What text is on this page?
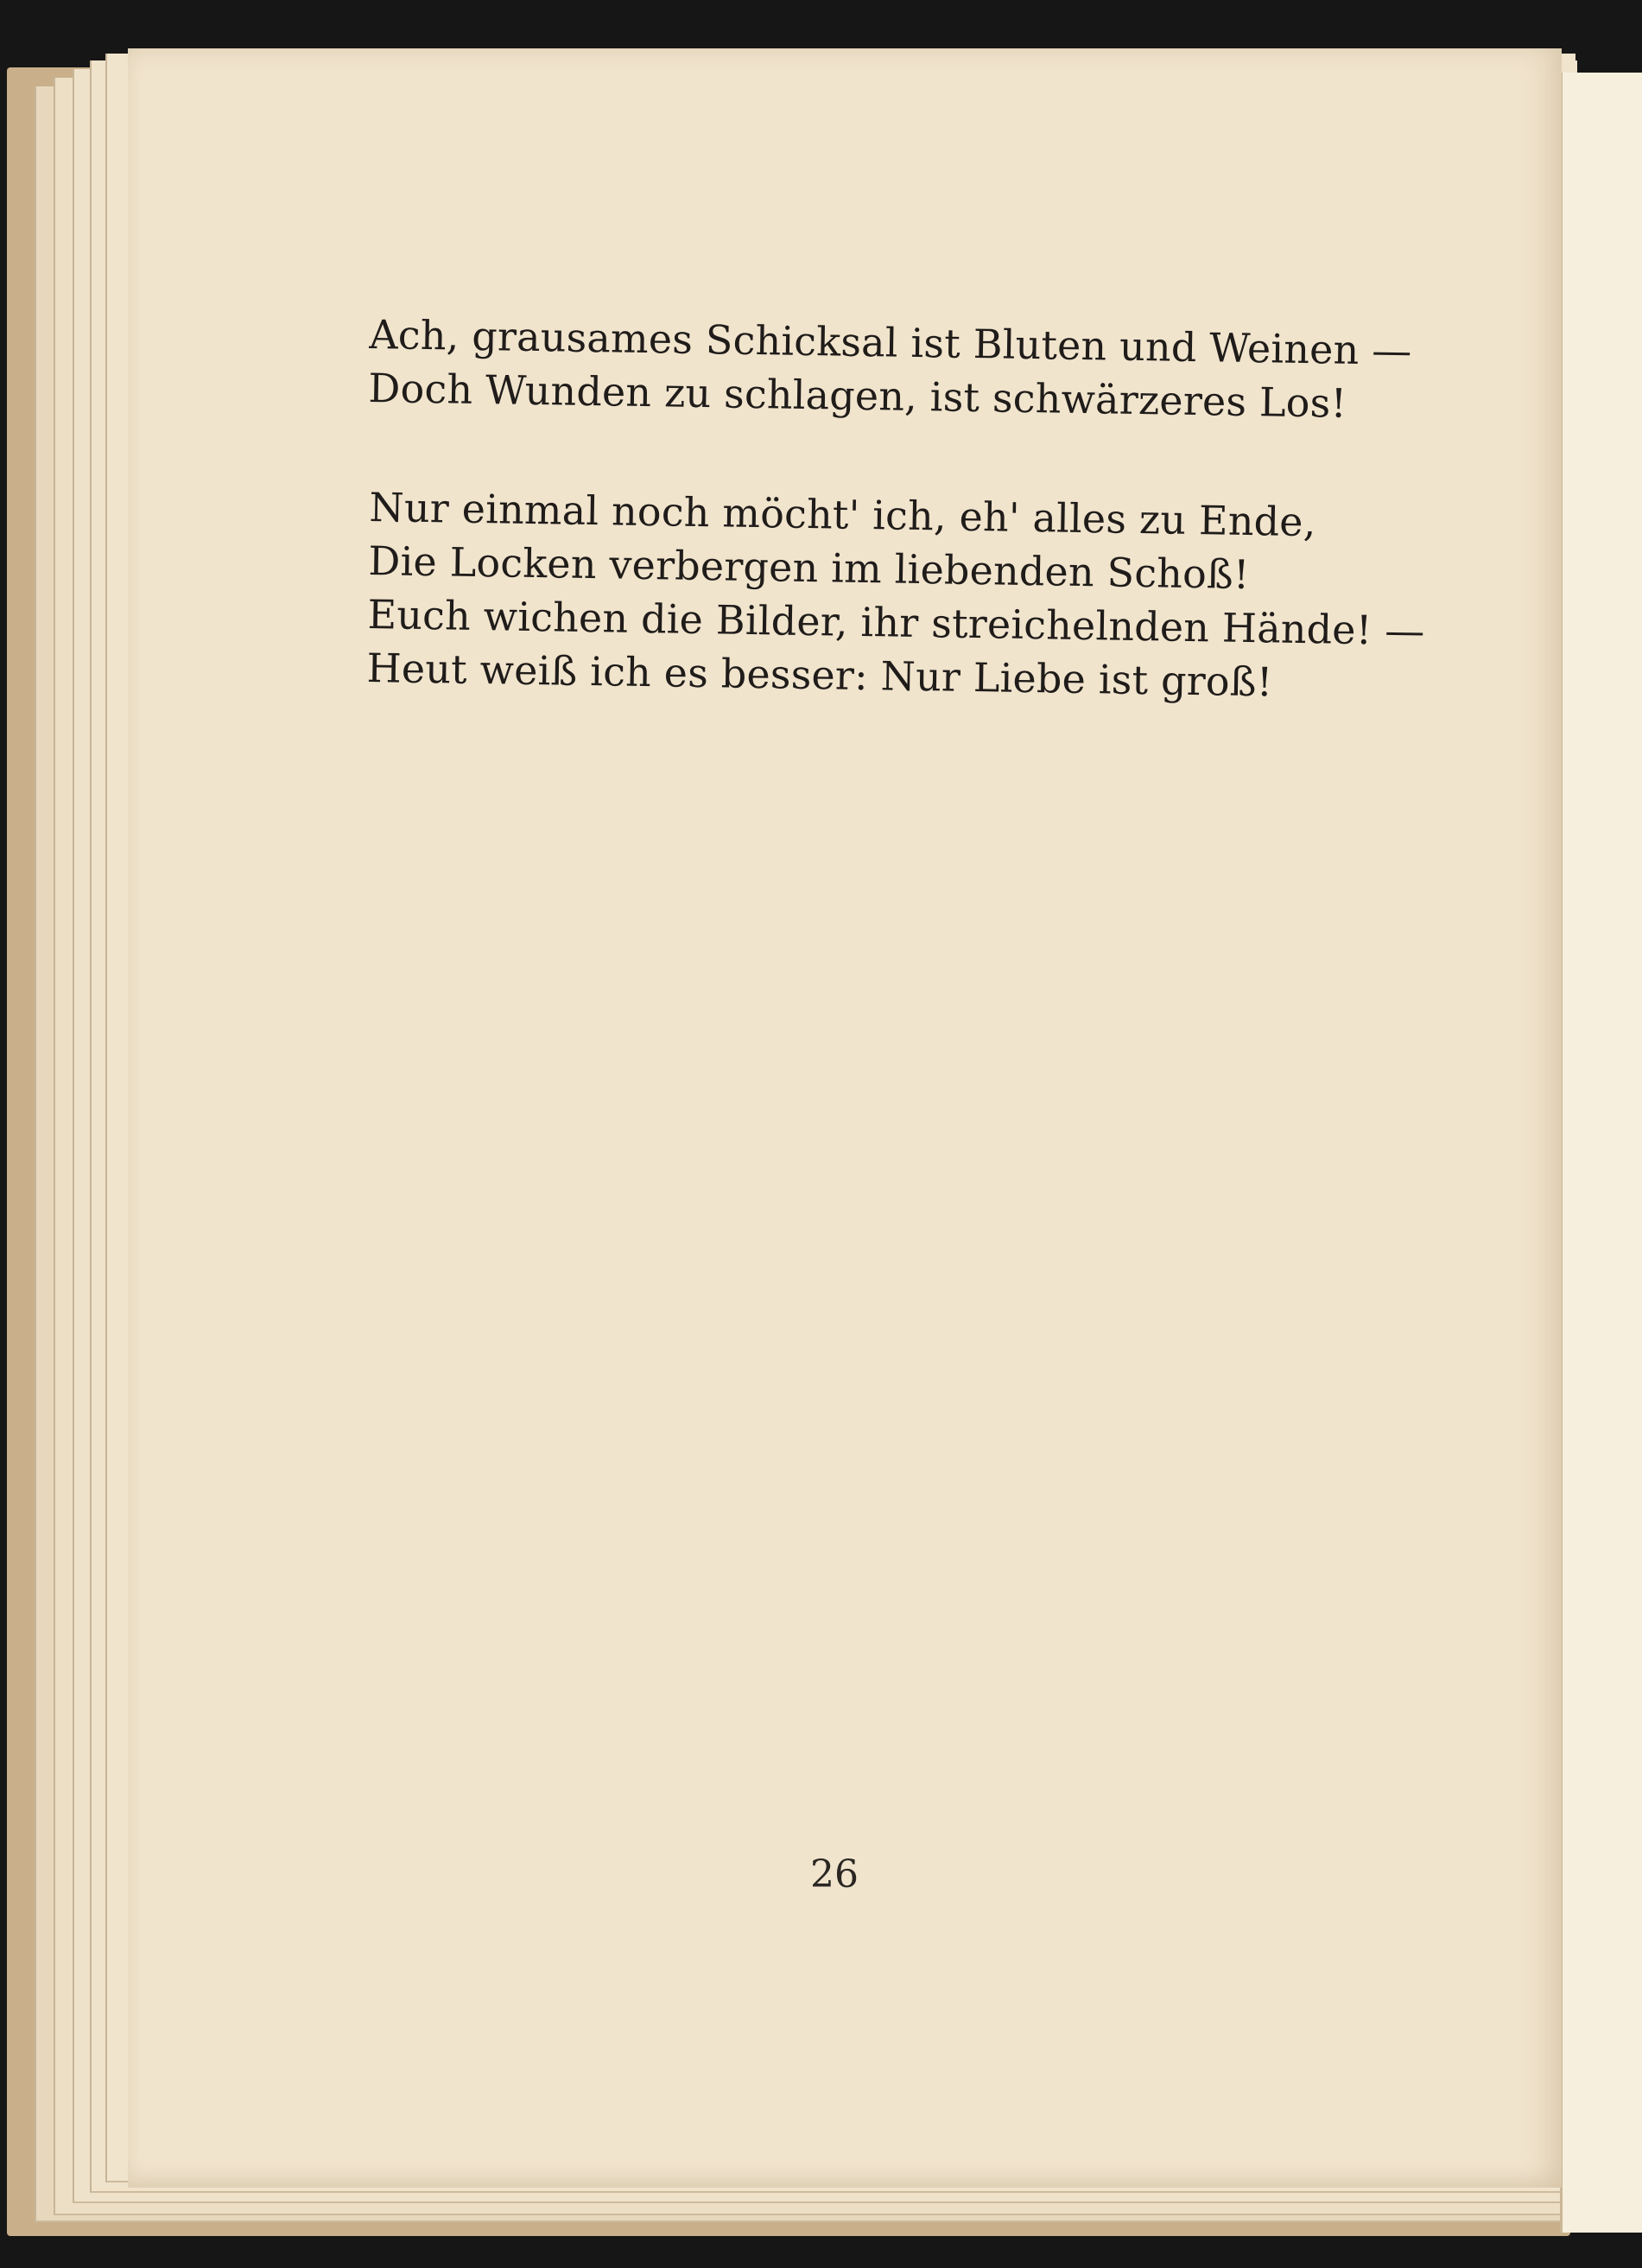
Ach, grausames Schicksal ist Bluten und Weinen —
Doch Wunden zu schlagen, ist schwärzeres Los!

Nur einmal noch möcht' ich, eh' alles zu Ende,
Die Locken verbergen im liebenden Schoß!
Euch wichen die Bilder, ihr streichelnden Hände! —
Heut weiß ich es besser: Nur Liebe ist groß!

26
